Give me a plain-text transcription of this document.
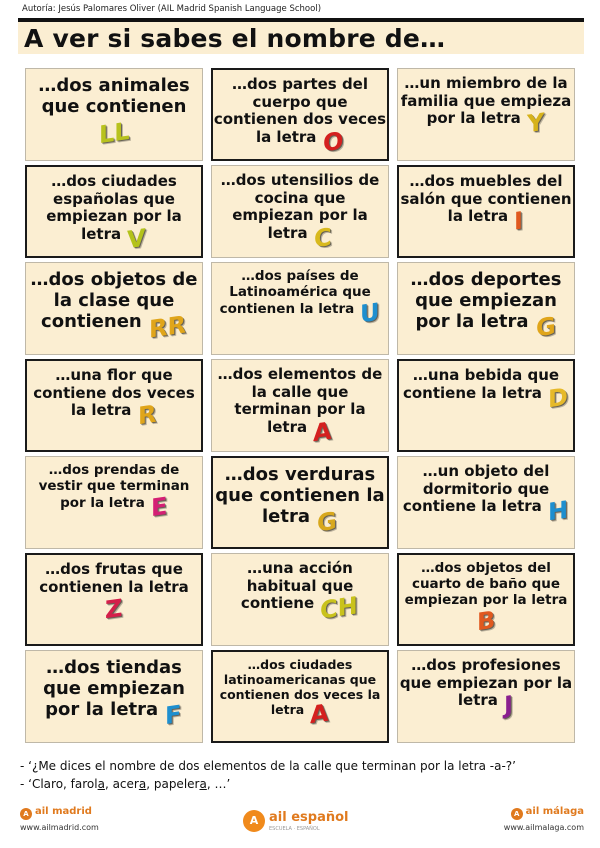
Autoría: Jesús Palomares Oliver (AIL Madrid Spanish Language School)
A ver si sabes el nombre de…
…dos animales que contienen LL
…dos partes del cuerpo que contienen dos veces la letra O
…un miembro de la familia que empieza por la letra Y
…dos ciudades españolas que empiezan por la letra V
…dos utensilios de cocina que empiezan por la letra C
…dos muebles del salón que contienen la letra I
…dos objetos de la clase que contienen RR
…dos países de Latinoamérica que contienen la letra U
…dos deportes que empiezan por la letra G
…una flor que contiene dos veces la letra R
…dos elementos de la calle que terminan por la letra A
…una bebida que contiene la letra D
…dos prendas de vestir que terminan por la letra E
…dos verduras que contienen la letra G
…un objeto del dormitorio que contiene la letra H
…dos frutas que contienen la letra Z
…una acción habitual que contiene CH
…dos objetos del cuarto de baño que empiezan por la letra B
…dos tiendas que empiezan por la letra F
…dos ciudades latinoamericanas que contienen dos veces la letra A
…dos profesiones que empiezan por la letra J
- ‘¿Me dices el nombre de dos elementos de la calle que terminan por la letra -a-?’
- ‘Claro, farola, acera, papelera, …’
A ail madrid
www.ailmadrid.com
A ail español
ESCUELA · ESPAÑOL
A ail málaga
www.ailmalaga.com
